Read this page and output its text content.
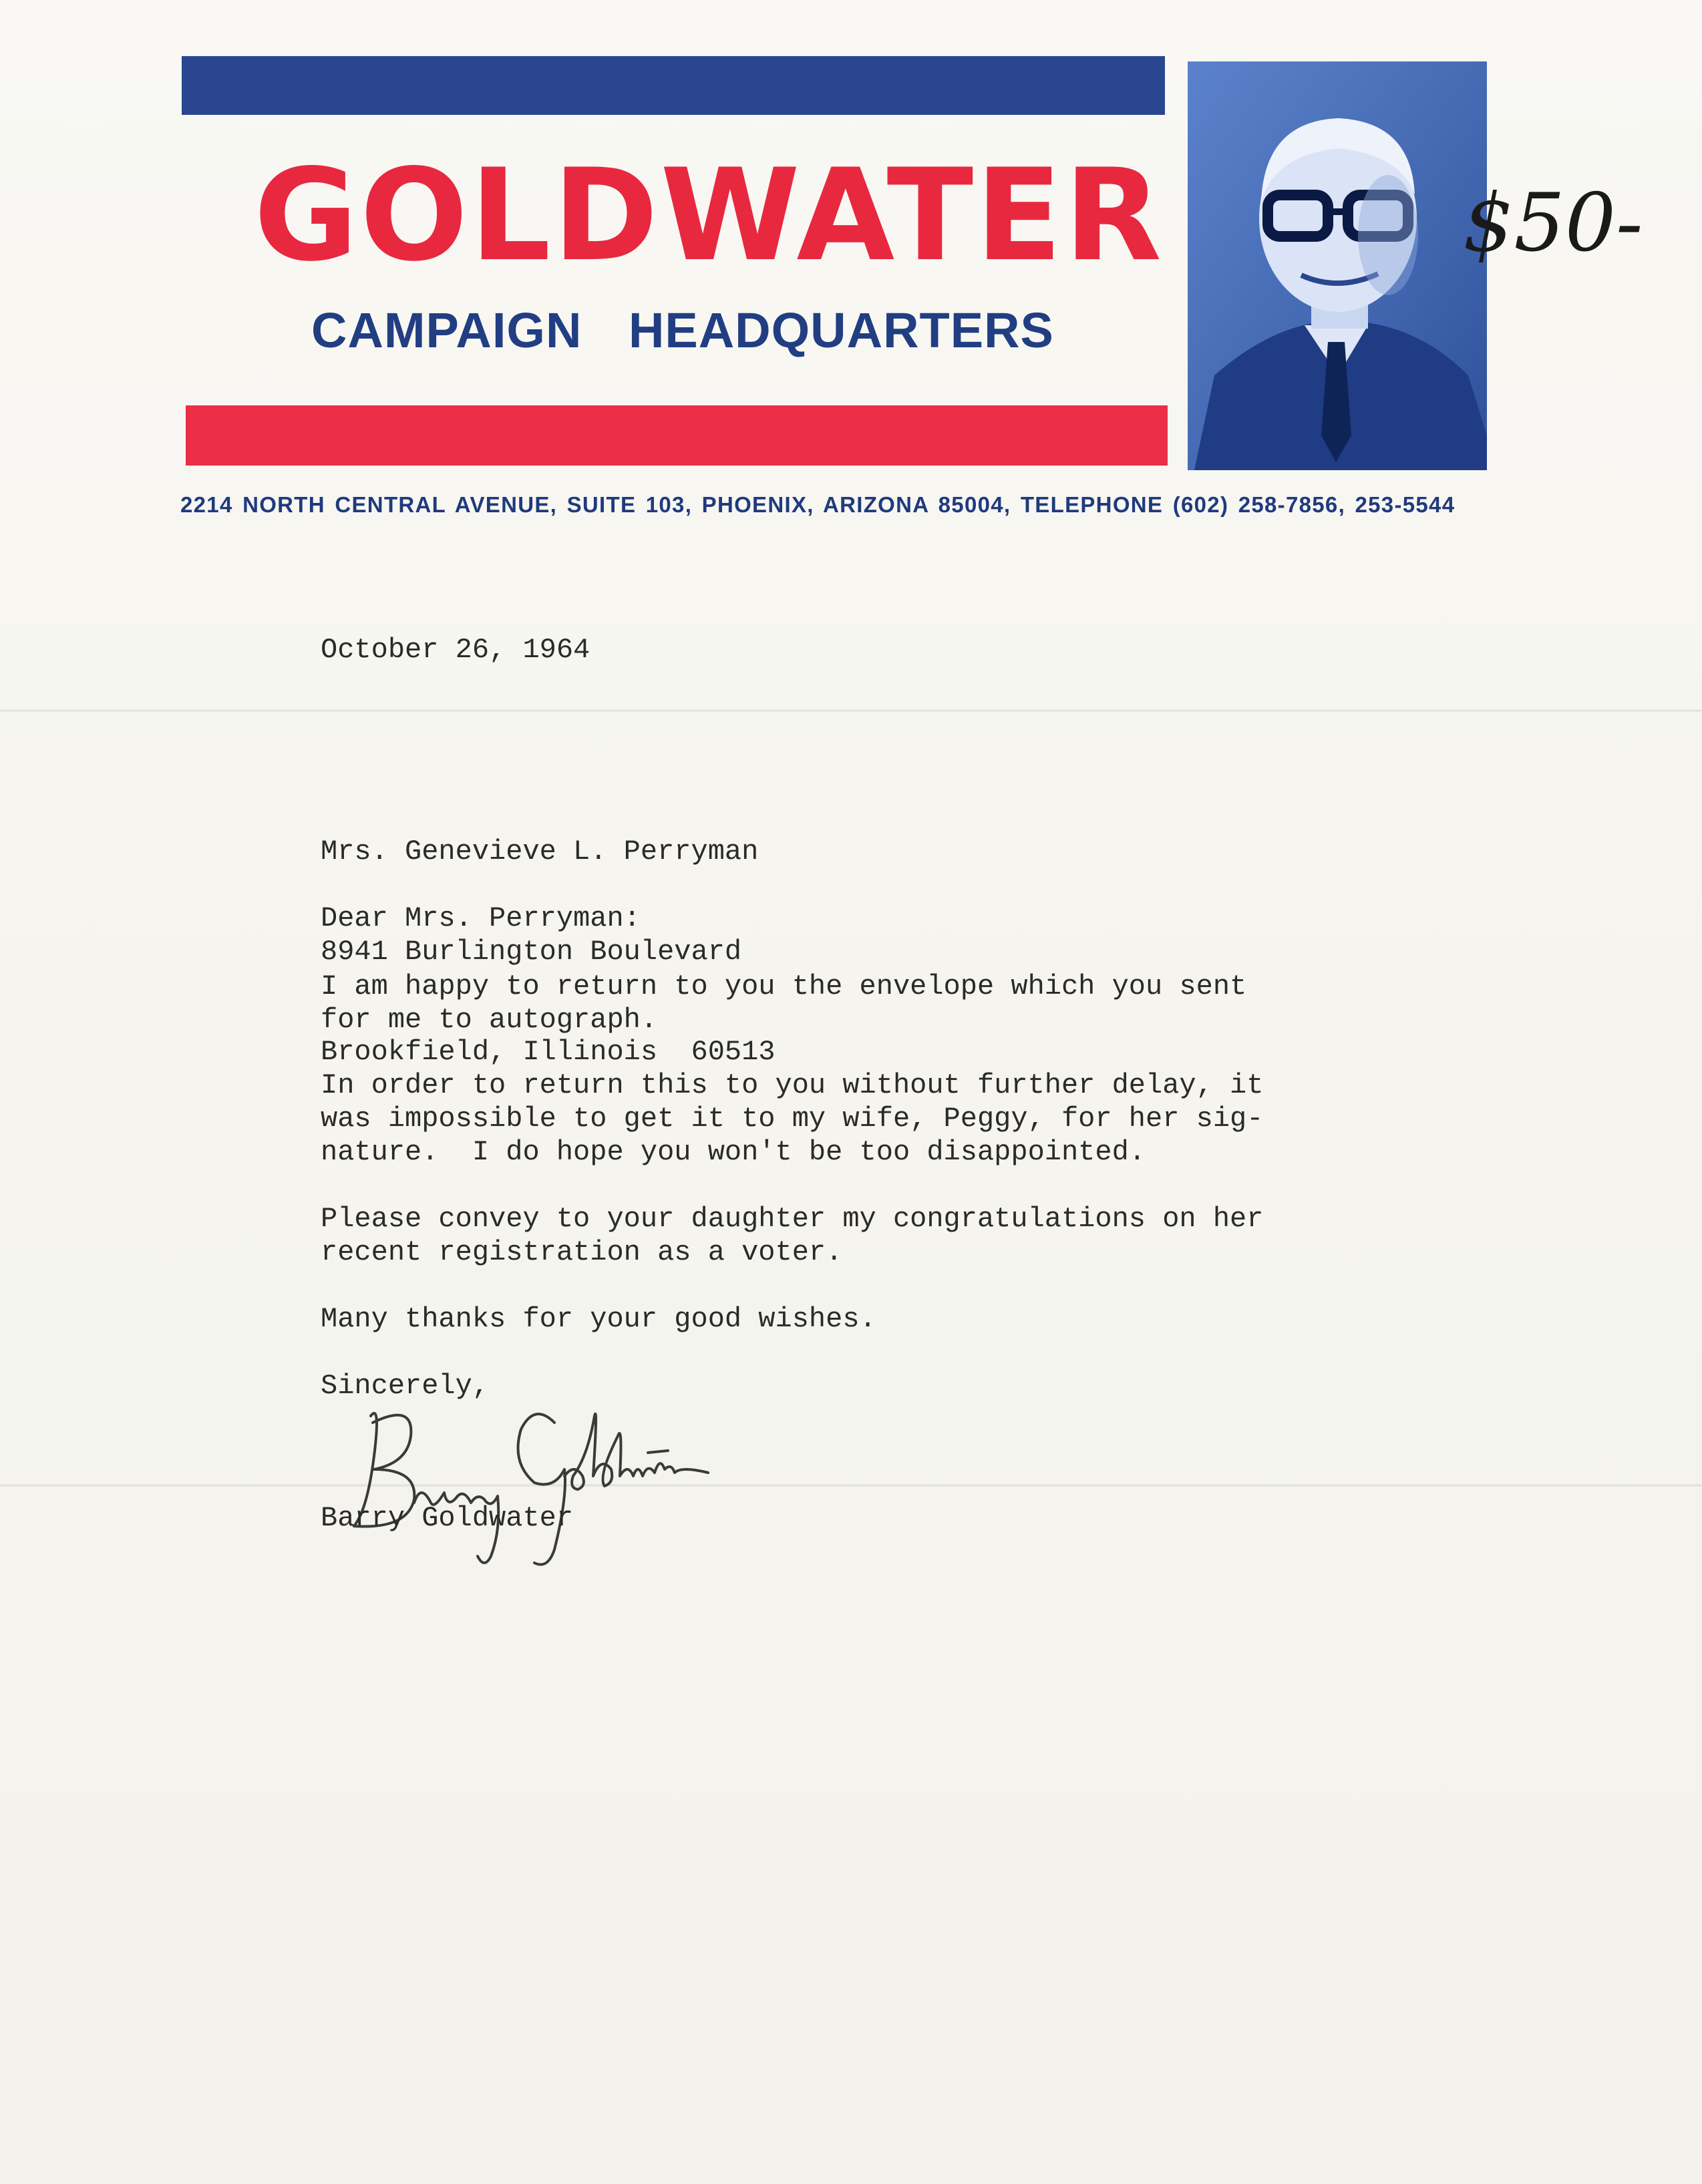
GOLDWATER
CAMPAIGN HEADQUARTERS
$50-
2214 NORTH CENTRAL AVENUE, SUITE 103, PHOENIX, ARIZONA 85004, TELEPHONE (602) 258-7856, 253-5544
October 26, 1964

Mrs. Genevieve L. Perryman

8941 Burlington Boulevard

Brookfield, Illinois  60513

Dear Mrs. Perryman:
I am happy to return to you the envelope which you sent
for me to autograph.
In order to return this to you without further delay, it
was impossible to get it to my wife, Peggy, for her sig-
nature.  I do hope you won't be too disappointed.
Please convey to your daughter my congratulations on her
recent registration as a voter.
Many thanks for your good wishes.
Sincerely,
Barry Goldwater
